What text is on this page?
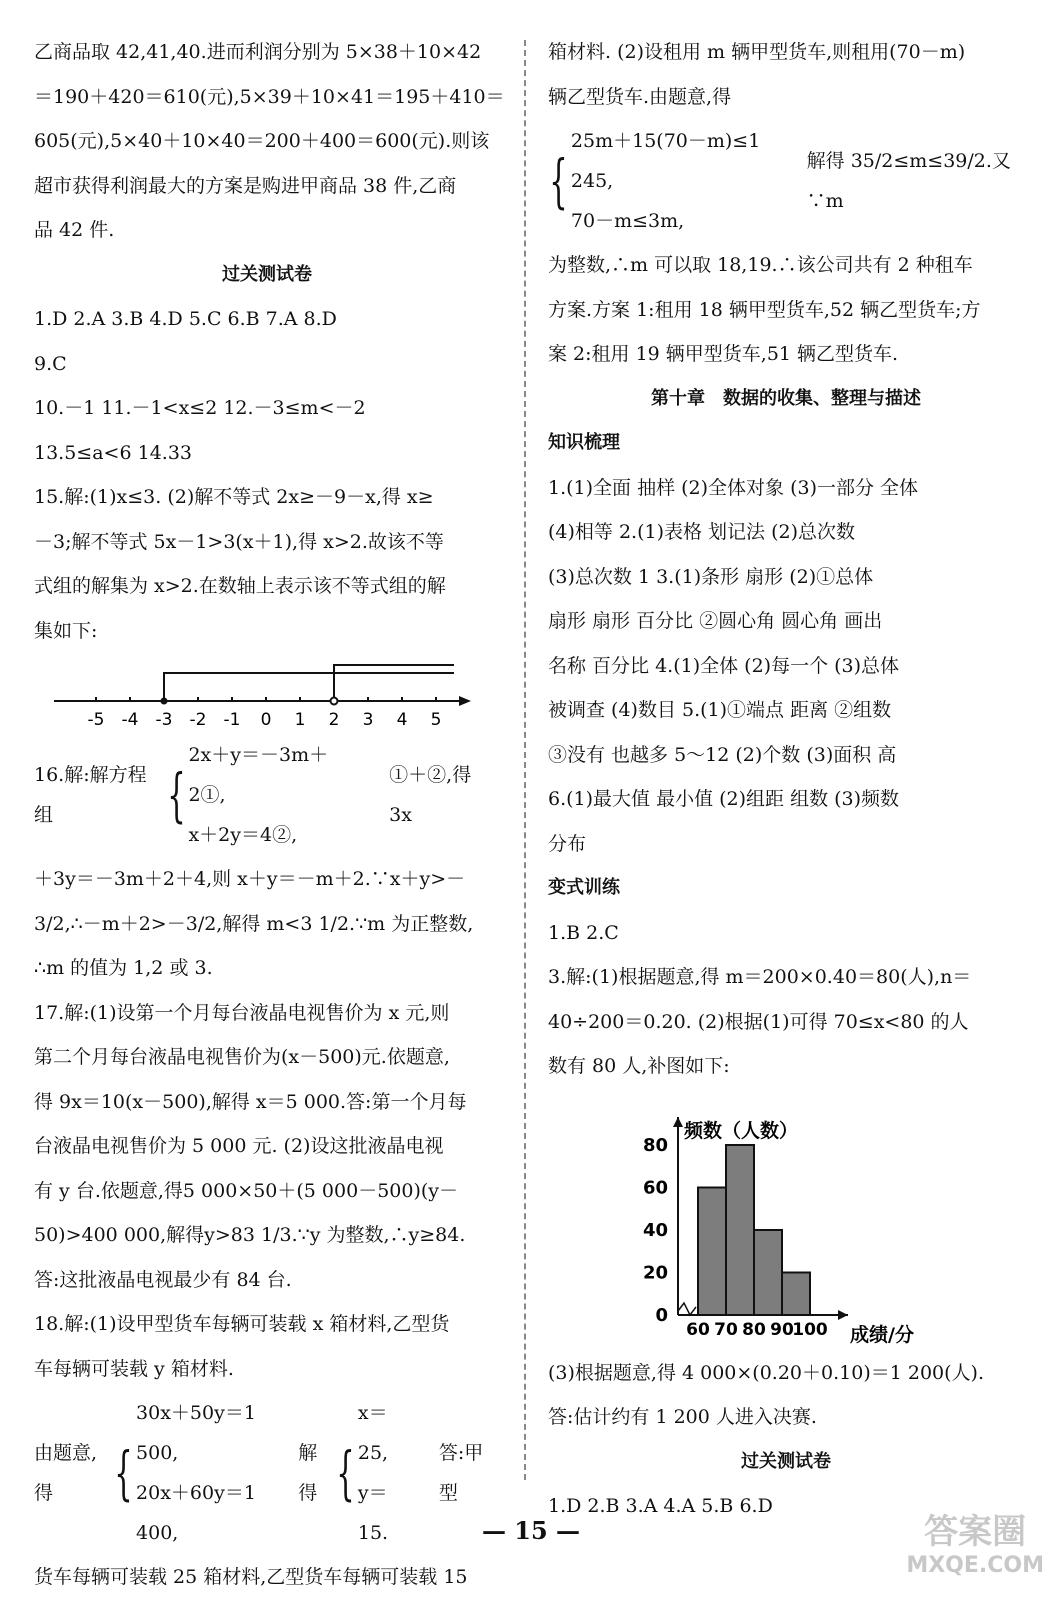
乙商品取 42,41,40.进而利润分别为 5×38＋10×42

＝190＋420＝610(元),5×39＋10×41＝195＋410＝

605(元),5×40＋10×40＝200＋400＝600(元).则该

超市获得利润最大的方案是购进甲商品 38 件,乙商

品 42 件.

过关测试卷

1.D 2.A 3.B 4.D 5.C 6.B 7.A 8.D

9.C

10.－1 11.－1<x≤2 12.－3≤m<－2

13.5≤a<6 14.33

15.解:(1)x≤3. (2)解不等式 2x≥－9－x,得 x≥

－3;解不等式 5x－1>3(x＋1),得 x>2.故该不等

式组的解集为 x>2.在数轴上表示该不等式组的解

集如下:

-5 -4 -3 -2 -1 0 1 2 3 4 5
16.解:解方程组	{
2x＋y＝－3m＋2①,
x＋2y＝4②,
①＋②,得 3x

＋3y＝－3m＋2＋4,则 x＋y＝－m＋2.∵x＋y>－

3/2,∴－m＋2>－3/2,解得 m<3 1/2.∵m 为正整数,

∴m 的值为 1,2 或 3.

17.解:(1)设第一个月每台液晶电视售价为 x 元,则

第二个月每台液晶电视售价为(x－500)元.依题意,

得 9x＝10(x－500),解得 x＝5 000.答:第一个月每

台液晶电视售价为 5 000 元. (2)设这批液晶电视

有 y 台.依题意,得5 000×50＋(5 000－500)(y－

50)>400 000,解得y>83 1/3.∵y 为整数,∴y≥84.

答:这批液晶电视最少有 84 台.

18.解:(1)设甲型货车每辆可装载 x 箱材料,乙型货

车每辆可装载 y 箱材料.

由题意,得	{
30x＋50y＝1 500,
20x＋60y＝1 400,
解得 {
x＝25,
y＝15.
答:甲型

货车每辆可装载 25 箱材料,乙型货车每辆可装载 15

箱材料. (2)设租用 m 辆甲型货车,则租用(70－m)

辆乙型货车.由题意,得

{
25m＋15(70－m)≤1 245,
70－m≤3m,
解得 35/2≤m≤39/2.又∵m

为整数,∴m 可以取 18,19.∴该公司共有 2 种租车

方案.方案 1:租用 18 辆甲型货车,52 辆乙型货车;方

案 2:租用 19 辆甲型货车,51 辆乙型货车.

第十章　数据的收集、整理与描述

知识梳理

1.(1)全面 抽样 (2)全体对象 (3)一部分 全体

(4)相等 2.(1)表格 划记法 (2)总次数

(3)总次数 1 3.(1)条形 扇形 (2)①总体

扇形 扇形 百分比 ②圆心角 圆心角 画出

名称 百分比 4.(1)全体 (2)每一个 (3)总体

被调查 (4)数目 5.(1)①端点 距离 ②组数

③没有 也越多 5～12 (2)个数 (3)面积 高

6.(1)最大值 最小值 (2)组距 组数 (3)频数

分布

变式训练

1.B 2.C

3.解:(1)根据题意,得 m＝200×0.40＝80(人),n＝

40÷200＝0.20. (2)根据(1)可得 70≤x<80 的人

数有 80 人,补图如下:

0
20
40
60
80
60 70 80 90
100
频数（人数）
成绩/分

(3)根据题意,得 4 000×(0.20＋0.10)＝1 200(人).

答:估计约有 1 200 人进入决赛.

过关测试卷

1.D 2.B 3.A 4.A 5.B 6.D

— 15 —	答案圈
MXQE.COM
